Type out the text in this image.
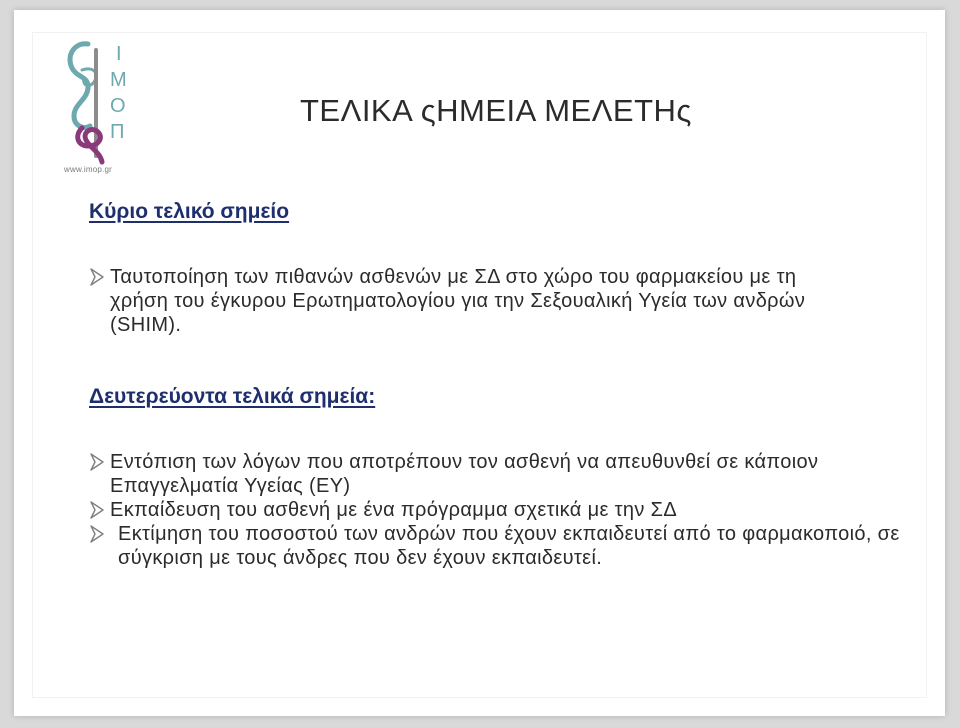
Ι
Μ
Ο
Π
www.imop.gr
ΤΕΛΙΚΑ ςΗΜΕΙΑ ΜΕΛΕΤΗς
Κύριο τελικό σημείο
Ταυτοποίηση των πιθανών ασθενών με ΣΔ στο χώρο του φαρμακείου με τη χρήση του έγκυρου Ερωτηματολογίου για την Σεξουαλική Υγεία των ανδρών (SHIM).
Δευτερεύοντα τελικά σημεία:
Εντόπιση των λόγων που αποτρέπουν τον ασθενή να απευθυνθεί σε κάποιον Επαγγελματία Υγείας (ΕΥ)
Εκπαίδευση του ασθενή με ένα πρόγραμμα σχετικά με την ΣΔ
Εκτίμηση του ποσοστού των ανδρών που έχουν εκπαιδευτεί από το φαρμακοποιό, σε σύγκριση με τους άνδρες που δεν έχουν εκπαιδευτεί.
